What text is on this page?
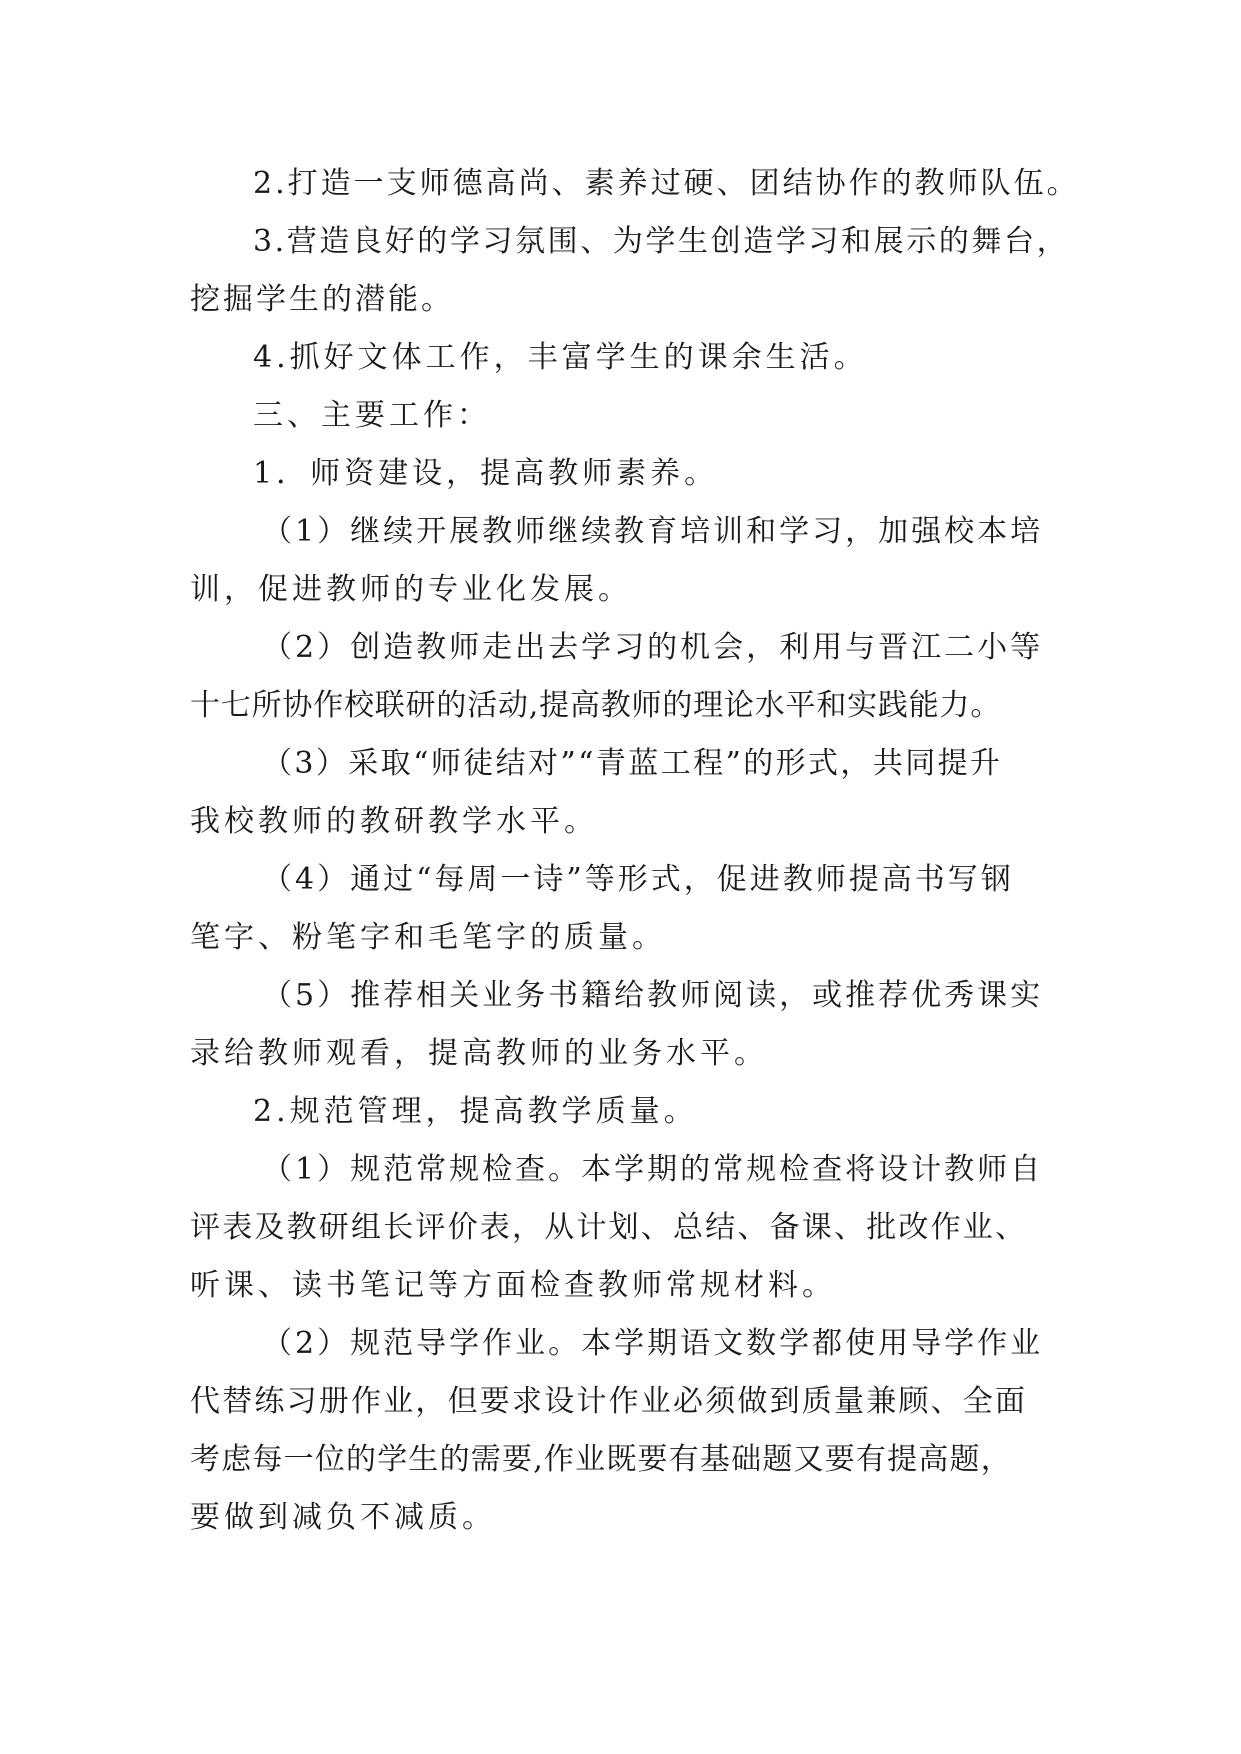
2.打造一支师德高尚、素养过硬、团结协作的教师队伍。
3.营造良好的学习氛围、为学生创造学习和展示的舞台，
挖掘学生的潜能。
4.抓好文体工作，丰富学生的课余生活。
三、主要工作：
1．师资建设，提高教师素养。
（1）继续开展教师继续教育培训和学习，加强校本培
训，促进教师的专业化发展。
（2）创造教师走出去学习的机会，利用与晋江二小等
十七所协作校联研的活动,提高教师的理论水平和实践能力。
（3）采取“师徒结对”“青蓝工程”的形式，共同提升
我校教师的教研教学水平。
（4）通过“每周一诗”等形式，促进教师提高书写钢
笔字、粉笔字和毛笔字的质量。
（5）推荐相关业务书籍给教师阅读，或推荐优秀课实
录给教师观看，提高教师的业务水平。
2.规范管理，提高教学质量。
（1）规范常规检查。本学期的常规检查将设计教师自
评表及教研组长评价表，从计划、总结、备课、批改作业、
听课、读书笔记等方面检查教师常规材料。
（2）规范导学作业。本学期语文数学都使用导学作业
代替练习册作业，但要求设计作业必须做到质量兼顾、全面
考虑每一位的学生的需要,作业既要有基础题又要有提高题，
要做到减负不减质。
